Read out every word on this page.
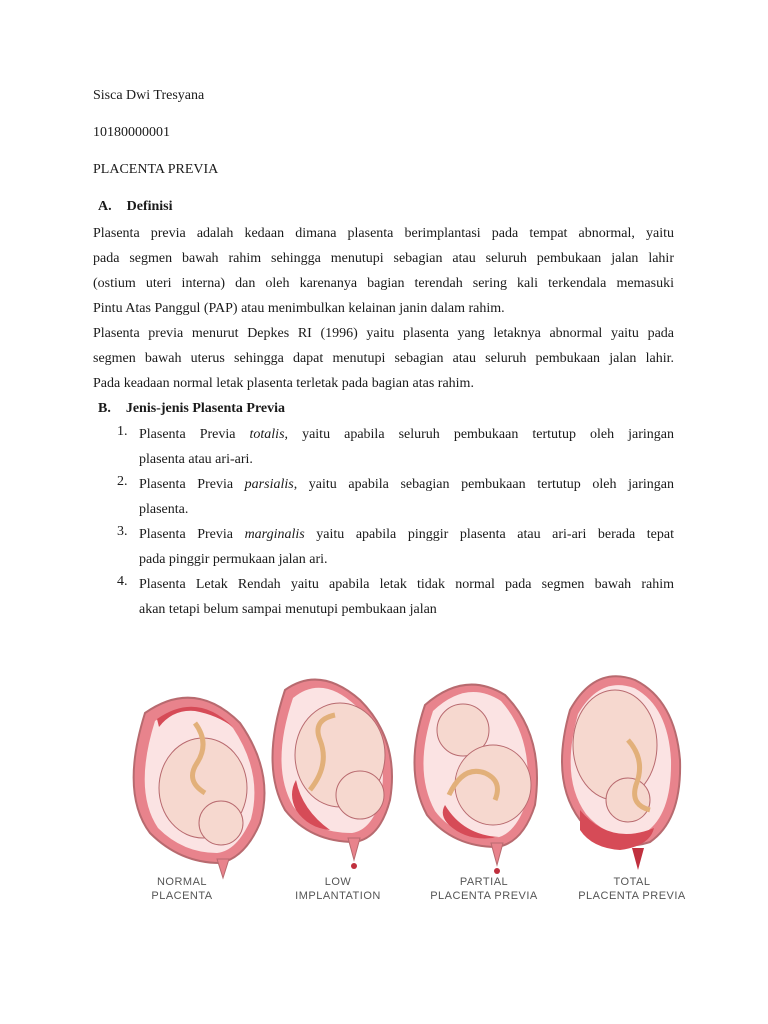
Sisca Dwi Tresyana
10180000001
PLACENTA PREVIA
A. Definisi
Plasenta previa adalah kedaan dimana plasenta berimplantasi pada tempat abnormal, yaitu
pada segmen bawah rahim sehingga menutupi sebagian atau seluruh pembukaan jalan lahir
(ostium uteri interna) dan oleh karenanya bagian terendah sering kali terkendala memasuki
Pintu Atas Panggul (PAP) atau menimbulkan kelainan janin dalam rahim.
Plasenta previa menurut Depkes RI (1996) yaitu plasenta yang letaknya abnormal yaitu pada
segmen bawah uterus sehingga dapat menutupi sebagian atau seluruh pembukaan jalan lahir.
Pada keadaan normal letak plasenta terletak pada bagian atas rahim.
B. Jenis-jenis Plasenta Previa
1. Plasenta Previa totalis, yaitu apabila seluruh pembukaan tertutup oleh jaringan
plasenta atau ari-ari.
2. Plasenta Previa parsialis, yaitu apabila sebagian pembukaan tertutup oleh jaringan
plasenta.
3. Plasenta Previa marginalis yaitu apabila pinggir plasenta atau ari-ari berada tepat
pada pinggir permukaan jalan ari.
4. Plasenta Letak Rendah yaitu apabila letak tidak normal pada segmen bawah rahim
akan tetapi belum sampai menutupi pembukaan jalan
NORMAL
PLACENTA
LOW
IMPLANTATION
PARTIAL
PLACENTA PREVIA
TOTAL
PLACENTA PREVIA
